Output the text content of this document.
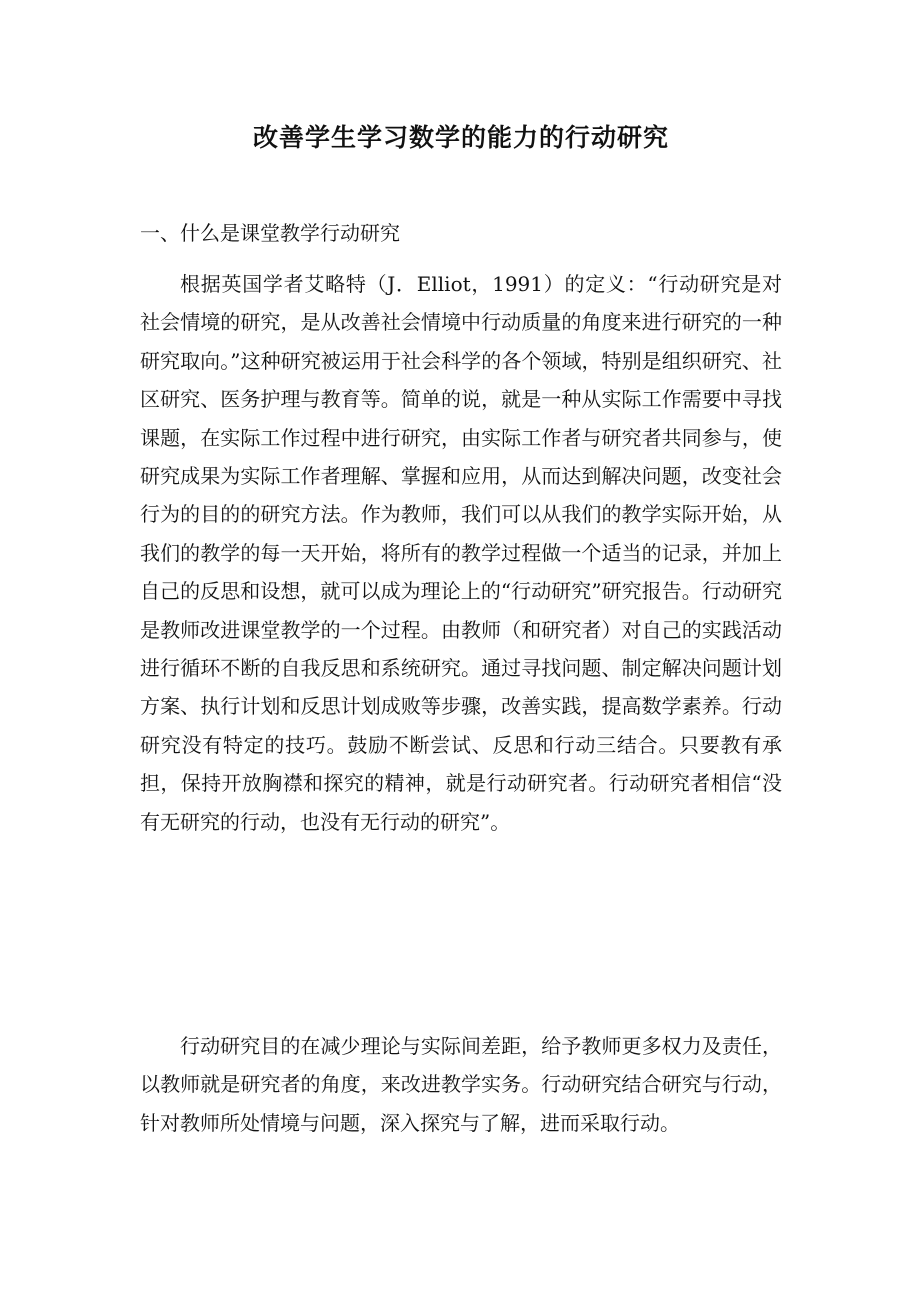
改善学生学习数学的能力的行动研究
一、什么是课堂教学行动研究

根据英国学者艾略特（J．Elliot，1991）的定义：“行动研究是对社会情境的研究，是从改善社会情境中行动质量的角度来进行研究的一种研究取向。”这种研究被运用于社会科学的各个领域，特别是组织研究、社区研究、医务护理与教育等。简单的说，就是一种从实际工作需要中寻找课题，在实际工作过程中进行研究，由实际工作者与研究者共同参与，使研究成果为实际工作者理解、掌握和应用，从而达到解决问题，改变社会行为的目的的研究方法。作为教师，我们可以从我们的教学实际开始，从我们的教学的每一天开始，将所有的教学过程做一个适当的记录，并加上自己的反思和设想，就可以成为理论上的“行动研究”研究报告。行动研究是教师改进课堂教学的一个过程。由教师（和研究者）对自己的实践活动进行循环不断的自我反思和系统研究。通过寻找问题、制定解决问题计划方案、执行计划和反思计划成败等步骤，改善实践，提高数学素养。行动研究没有特定的技巧。鼓励不断尝试、反思和行动三结合。只要教有承担，保持开放胸襟和探究的精神，就是行动研究者。行动研究者相信“没有无研究的行动，也没有无行动的研究”。

行动研究目的在减少理论与实际间差距，给予教师更多权力及责任，以教师就是研究者的角度，来改进教学实务。行动研究结合研究与行动，针对教师所处情境与问题，深入探究与了解，进而采取行动。
